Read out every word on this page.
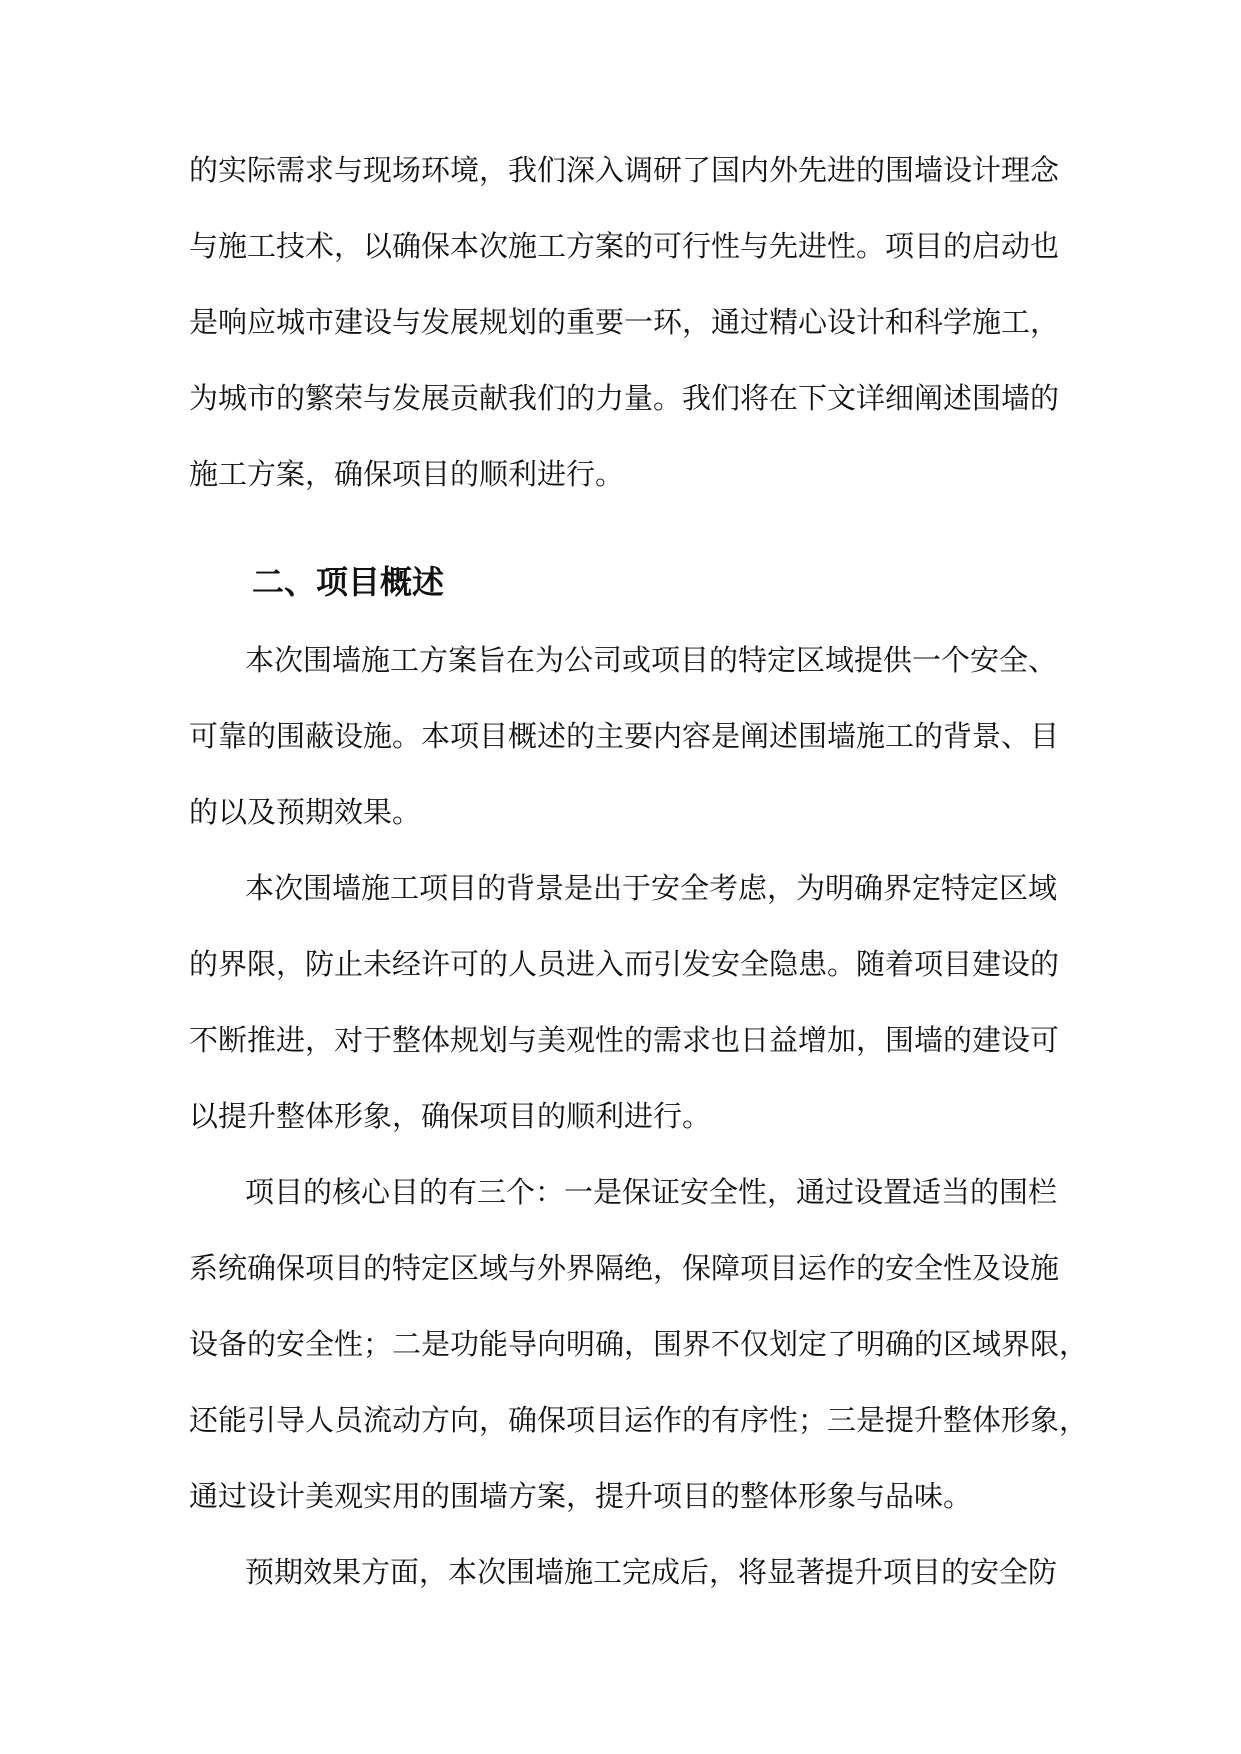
的实际需求与现场环境，我们深入调研了国内外先进的围墙设计理念
与施工技术，以确保本次施工方案的可行性与先进性。项目的启动也
是响应城市建设与发展规划的重要一环，通过精心设计和科学施工，
为城市的繁荣与发展贡献我们的力量。我们将在下文详细阐述围墙的
施工方案，确保项目的顺利进行。
二、项目概述
本次围墙施工方案旨在为公司或项目的特定区域提供一个安全、
可靠的围蔽设施。本项目概述的主要内容是阐述围墙施工的背景、目
的以及预期效果。
本次围墙施工项目的背景是出于安全考虑，为明确界定特定区域
的界限，防止未经许可的人员进入而引发安全隐患。随着项目建设的
不断推进，对于整体规划与美观性的需求也日益增加，围墙的建设可
以提升整体形象，确保项目的顺利进行。
项目的核心目的有三个：一是保证安全性，通过设置适当的围栏
系统确保项目的特定区域与外界隔绝，保障项目运作的安全性及设施
设备的安全性；二是功能导向明确，围界不仅划定了明确的区域界限，
还能引导人员流动方向，确保项目运作的有序性；三是提升整体形象，
通过设计美观实用的围墙方案，提升项目的整体形象与品味。
预期效果方面，本次围墙施工完成后，将显著提升项目的安全防
